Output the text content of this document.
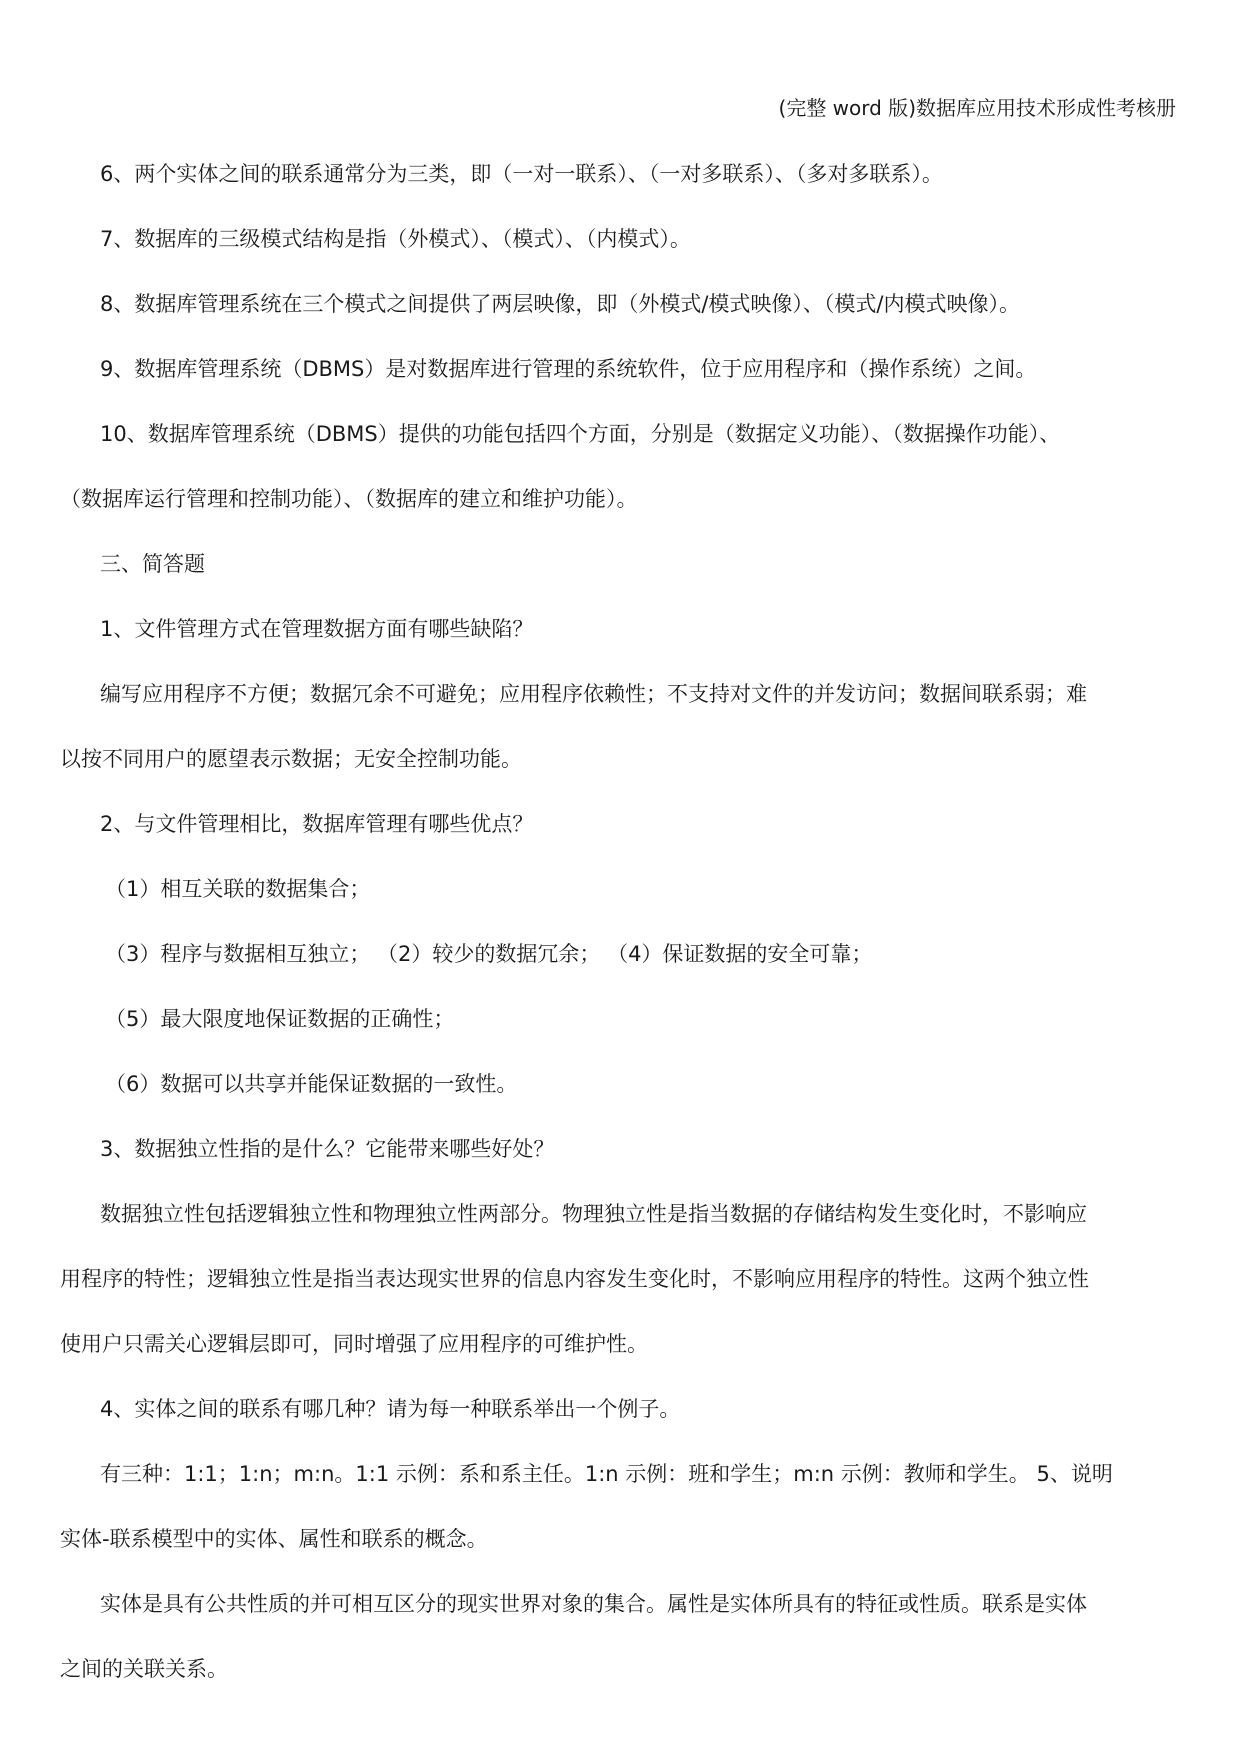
(完整 word 版)数据库应用技术形成性考核册
6、两个实体之间的联系通常分为三类，即（一对一联系）、（一对多联系）、（多对多联系）。
7、数据库的三级模式结构是指（外模式）、（模式）、（内模式）。
8、数据库管理系统在三个模式之间提供了两层映像，即（外模式/模式映像）、（模式/内模式映像）。
9、数据库管理系统（DBMS）是对数据库进行管理的系统软件，位于应用程序和（操作系统）之间。
10、数据库管理系统（DBMS）提供的功能包括四个方面，分别是（数据定义功能）、（数据操作功能）、
（数据库运行管理和控制功能）、（数据库的建立和维护功能）。
三、简答题
1、文件管理方式在管理数据方面有哪些缺陷？
编写应用程序不方便；数据冗余不可避免；应用程序依赖性；不支持对文件的并发访问；数据间联系弱；难
以按不同用户的愿望表示数据；无安全控制功能。
2、与文件管理相比，数据库管理有哪些优点？
（1）相互关联的数据集合；
（3）程序与数据相互独立； （2）较少的数据冗余； （4）保证数据的安全可靠；
（5）最大限度地保证数据的正确性；
（6）数据可以共享并能保证数据的一致性。
3、数据独立性指的是什么？它能带来哪些好处？
数据独立性包括逻辑独立性和物理独立性两部分。物理独立性是指当数据的存储结构发生变化时，不影响应
用程序的特性；逻辑独立性是指当表达现实世界的信息内容发生变化时，不影响应用程序的特性。这两个独立性
使用户只需关心逻辑层即可，同时增强了应用程序的可维护性。
4、实体之间的联系有哪几种？请为每一种联系举出一个例子。
有三种：1:1；1:n；m:n。1:1 示例：系和系主任。1:n 示例：班和学生；m:n 示例：教师和学生。 5、说明
实体-联系模型中的实体、属性和联系的概念。
实体是具有公共性质的并可相互区分的现实世界对象的集合。属性是实体所具有的特征或性质。联系是实体
之间的关联关系。
